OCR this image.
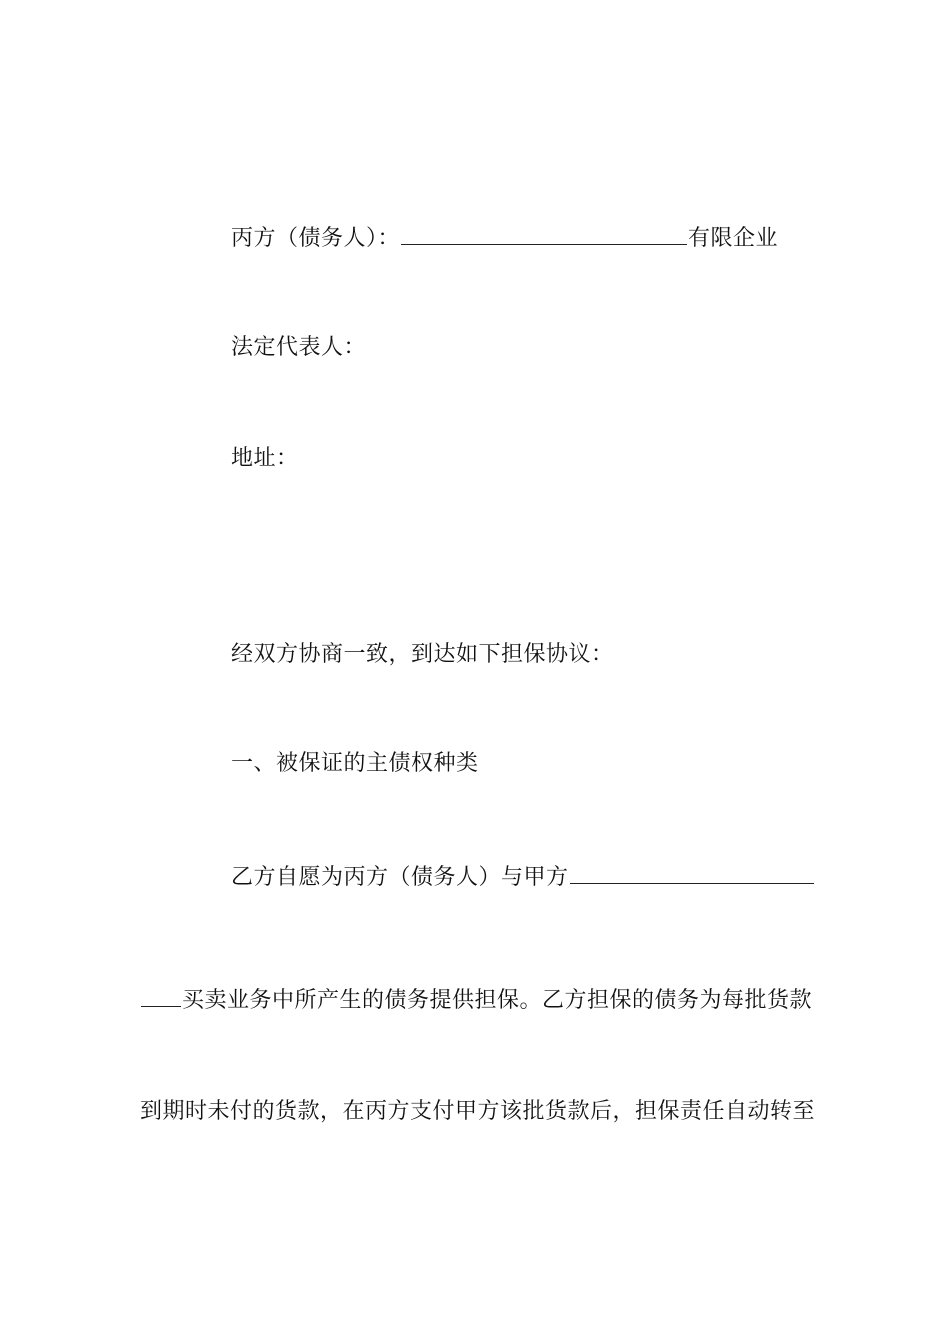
丙方（债务人）：	有限企业
法定代表人：
地址：
经双方协商一致，到达如下担保协议：
一、被保证的主债权种类
乙方自愿为丙方（债务人）与甲方
买卖业务中所产生的债务提供担保。乙方担保的债务为每批货款
到期时未付的货款，在丙方支付甲方该批货款后，担保责任自动转至
